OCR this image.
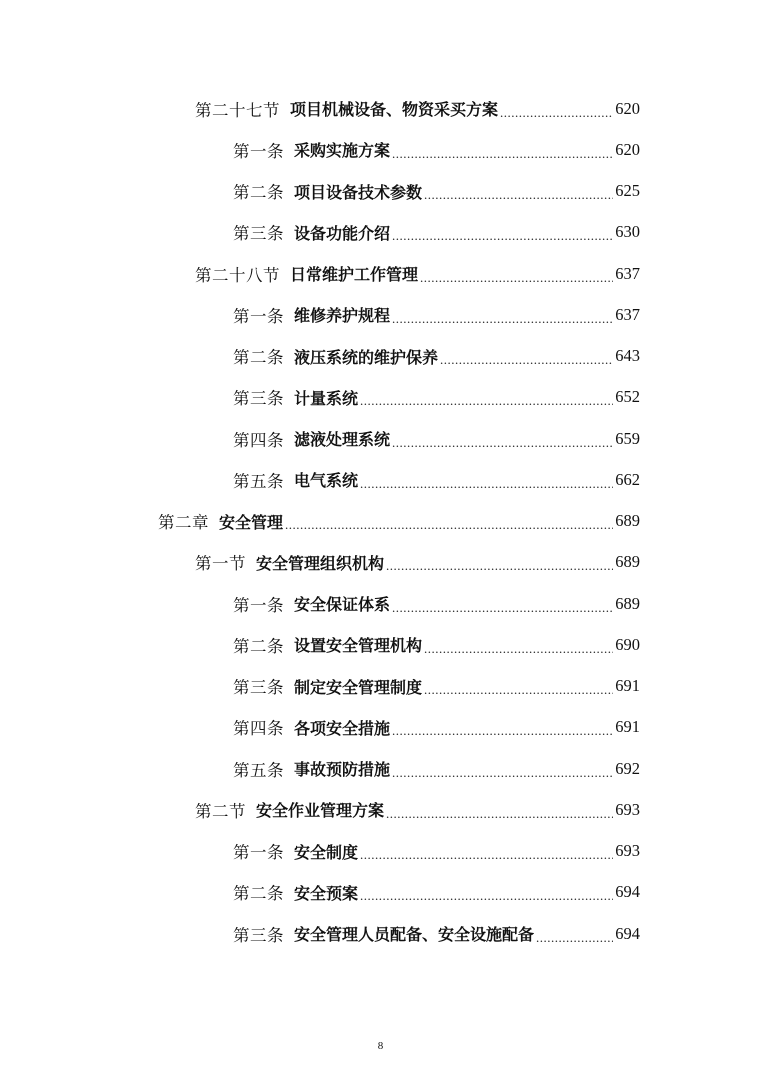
第二十七节 项目机械设备、物资采买方案 .....	620
第一条 采购实施方案 .....	620
第二条 项目设备技术参数 .....	625
第三条 设备功能介绍 .....	630
第二十八节 日常维护工作管理 .....	637
第一条 维修养护规程 .....	637
第二条 液压系统的维护保养 .....	643
第三条 计量系统 .....	652
第四条 滤液处理系统 .....	659
第五条 电气系统 .....	662
第二章 安全管理 .....	689
第一节 安全管理组织机构 .....	689
第一条 安全保证体系 .....	689
第二条 设置安全管理机构 .....	690
第三条 制定安全管理制度 .....	691
第四条 各项安全措施 .....	691
第五条 事故预防措施 .....	692
第二节 安全作业管理方案 .....	693
第一条 安全制度 .....	693
第二条 安全预案 .....	694
第三条 安全管理人员配备、安全设施配备 .....	694
8
